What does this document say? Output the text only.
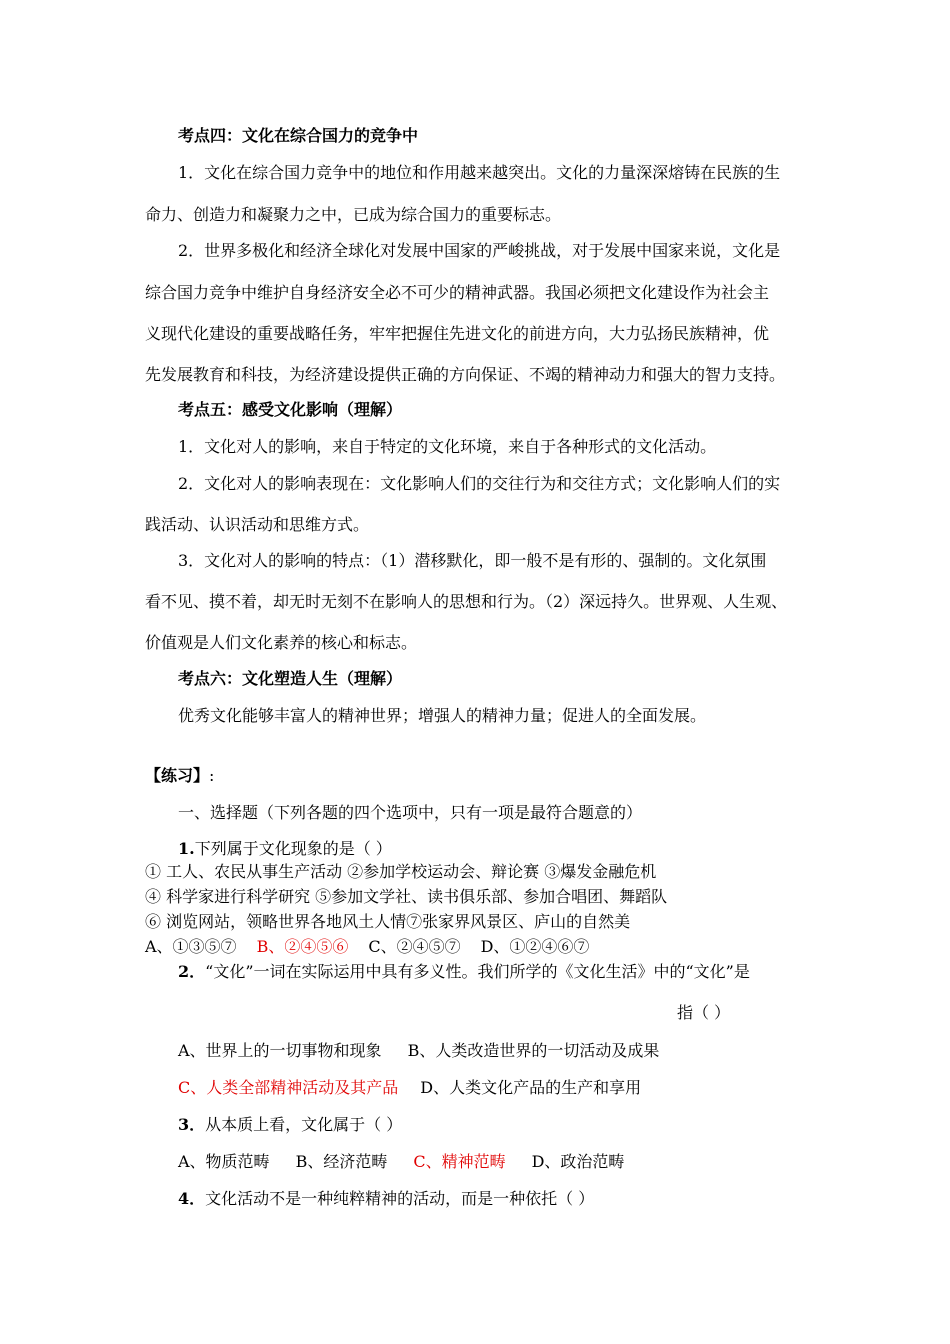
考点四：文化在综合国力的竞争中
1．文化在综合国力竞争中的地位和作用越来越突出。文化的力量深深熔铸在民族的生
命力、创造力和凝聚力之中，已成为综合国力的重要标志。
2．世界多极化和经济全球化对发展中国家的严峻挑战，对于发展中国家来说，文化是
综合国力竞争中维护自身经济安全必不可少的精神武器。我国必须把文化建设作为社会主
义现代化建设的重要战略任务，牢牢把握住先进文化的前进方向，大力弘扬民族精神，优
先发展教育和科技，为经济建设提供正确的方向保证、不竭的精神动力和强大的智力支持。
考点五：感受文化影响（理解）
1．文化对人的影响，来自于特定的文化环境，来自于各种形式的文化活动。
2．文化对人的影响表现在：文化影响人们的交往行为和交往方式；文化影响人们的实
践活动、认识活动和思维方式。
3．文化对人的影响的特点：（1）潜移默化，即一般不是有形的、强制的。文化氛围
看不见、摸不着，却无时无刻不在影响人的思想和行为。（2）深远持久。世界观、人生观、
价值观是人们文化素养的核心和标志。
考点六：文化塑造人生（理解）
优秀文化能够丰富人的精神世界；增强人的精神力量；促进人的全面发展。
【练习】:
一、选择题（下列各题的四个选项中，只有一项是最符合题意的）
1.下列属于文化现象的是（ ）
① 工人、农民从事生产活动 ②参加学校运动会、辩论赛 ③爆发金融危机
④ 科学家进行科学研究 ⑤参加文学社、读书俱乐部、参加合唱团、舞蹈队
⑥ 浏览网站，领略世界各地风土人情⑦张家界风景区、庐山的自然美
A、①③⑤⑦ B、②④⑤⑥ C、②④⑤⑦ D、①②④⑥⑦
2．“文化”一词在实际运用中具有多义性。我们所学的《文化生活》中的“文化”是
指（ ）
A、世界上的一切事物和现象 B、人类改造世界的一切活动及成果
C、人类全部精神活动及其产品 D、人类文化产品的生产和享用
3．从本质上看，文化属于（ ）
A、物质范畴 B、经济范畴 C、精神范畴 D、政治范畴
4．文化活动不是一种纯粹精神的活动，而是一种依托（ ）
